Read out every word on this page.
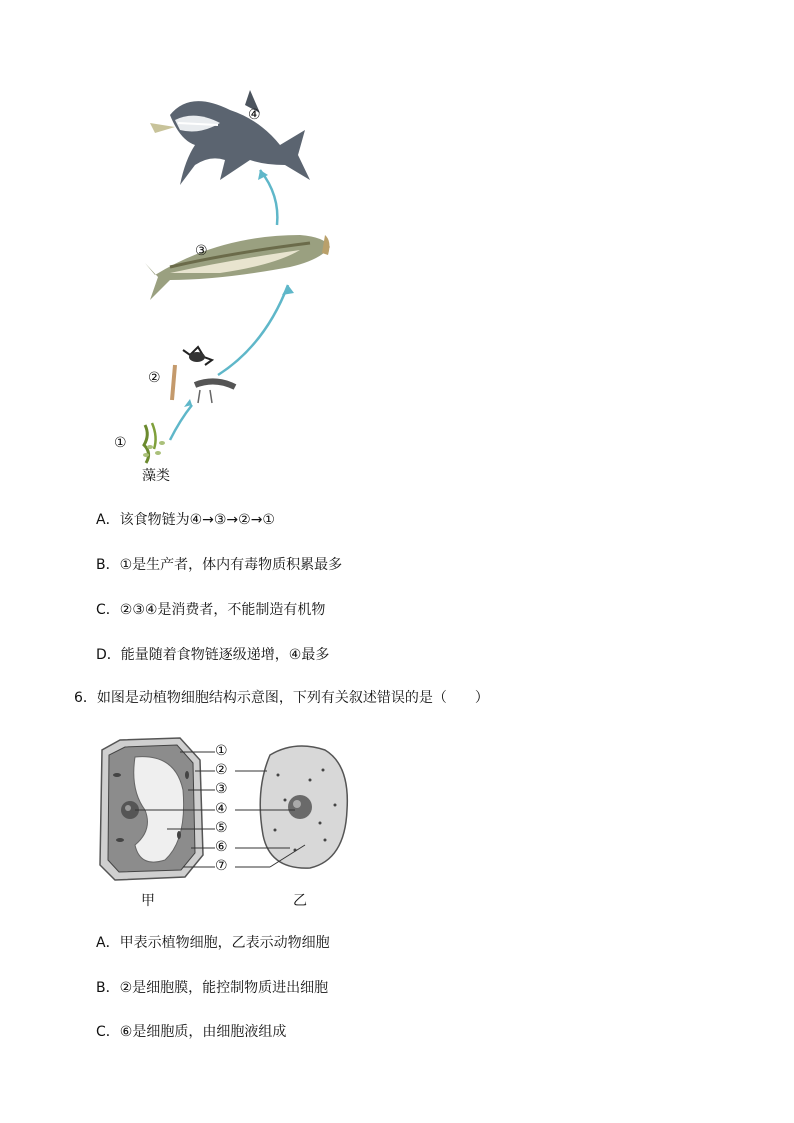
④
③
②
①
藻类
A．该食物链为④→③→②→①
B．①是生产者，体内有毒物质积累最多
C．②③④是消费者，不能制造有机物
D．能量随着食物链逐级递增，④最多
6．如图是动植物细胞结构示意图，下列有关叙述错误的是（　　）
①
②
③
④
⑤
⑥
⑦
甲	乙
A．甲表示植物细胞，乙表示动物细胞
B．②是细胞膜，能控制物质进出细胞
C．⑥是细胞质，由细胞液组成
